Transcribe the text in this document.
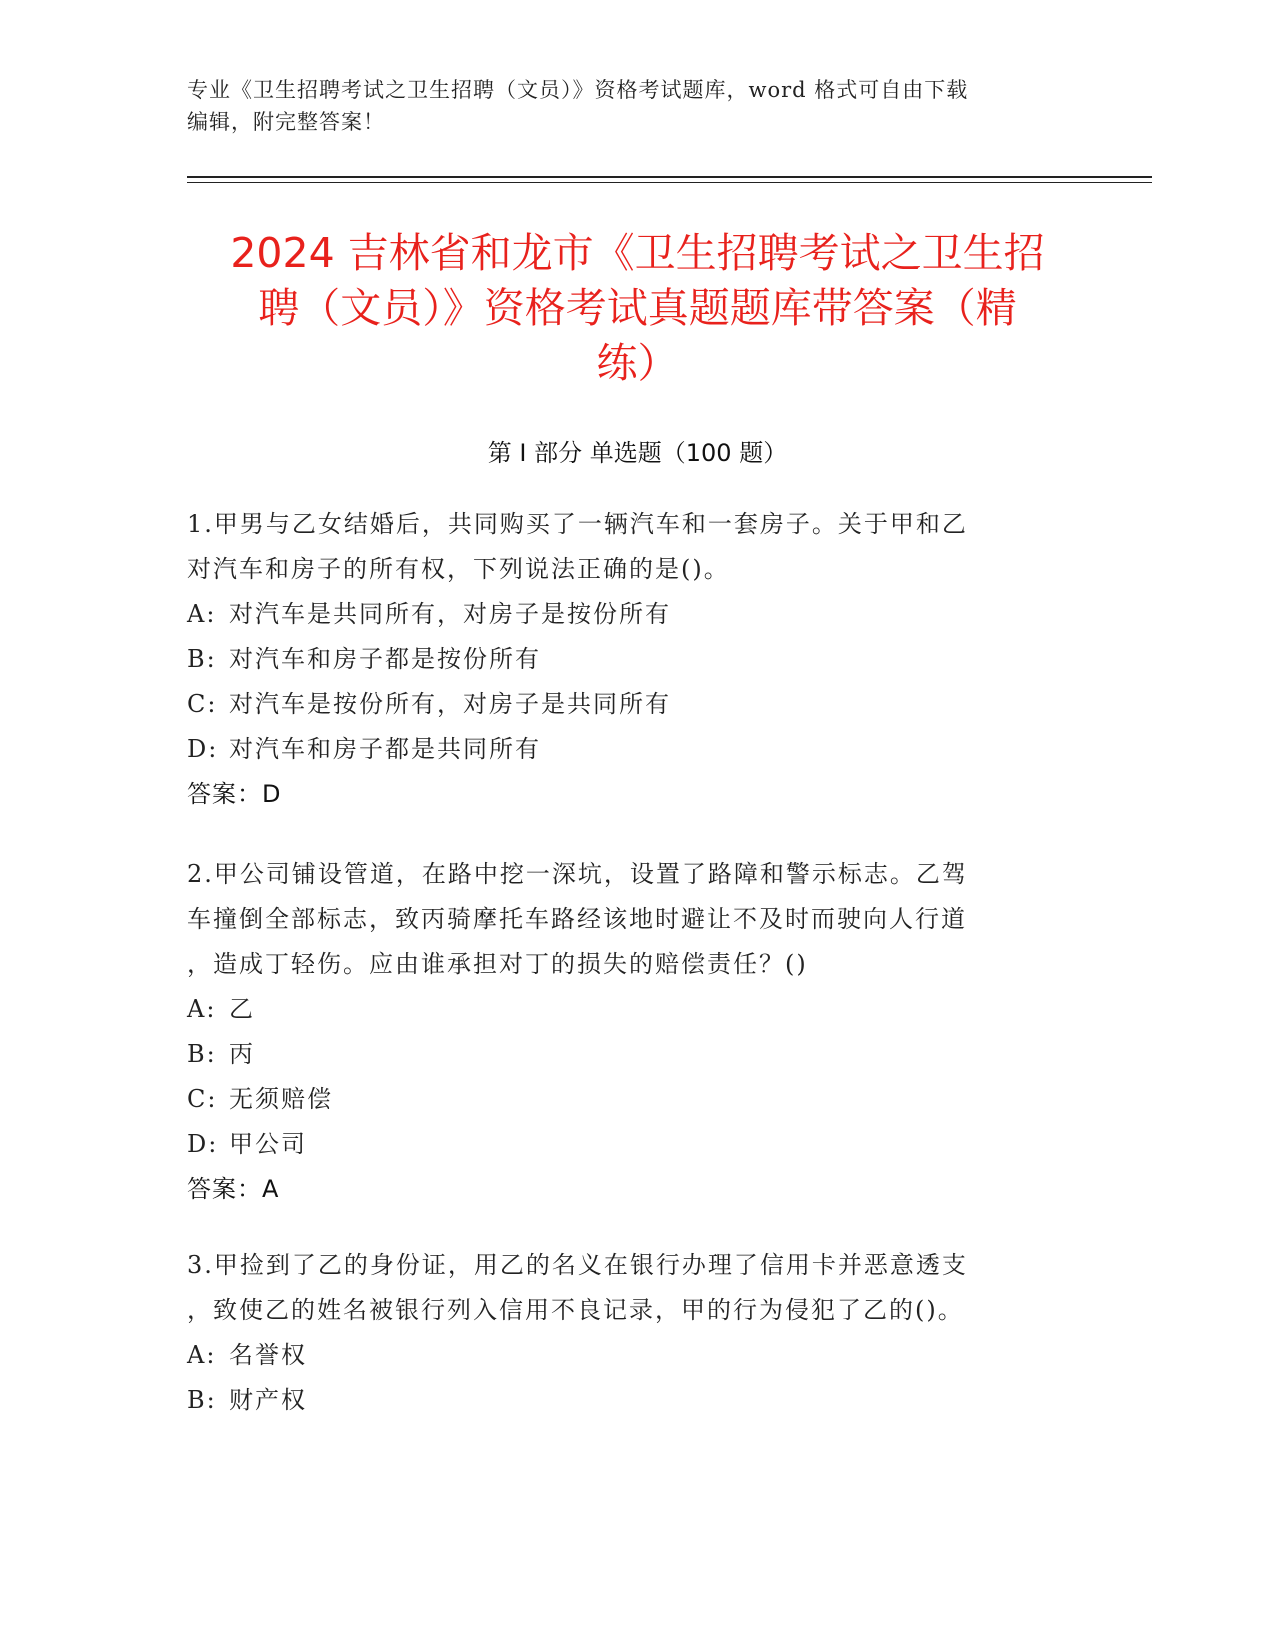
专业《卫生招聘考试之卫生招聘（文员）》资格考试题库，word 格式可自由下载
编辑，附完整答案！
2024 吉林省和龙市《卫生招聘考试之卫生招
聘（文员）》资格考试真题题库带答案（精
练）
第 I 部分 单选题（100 题）
1.甲男与乙女结婚后，共同购买了一辆汽车和一套房子。关于甲和乙
对汽车和房子的所有权，下列说法正确的是()。
A: 对汽车是共同所有，对房子是按份所有
B: 对汽车和房子都是按份所有
C: 对汽车是按份所有，对房子是共同所有
D: 对汽车和房子都是共同所有
答案：D
2.甲公司铺设管道，在路中挖一深坑，设置了路障和警示标志。乙驾
车撞倒全部标志，致丙骑摩托车路经该地时避让不及时而驶向人行道
，造成丁轻伤。应由谁承担对丁的损失的赔偿责任？()
A: 乙
B: 丙
C: 无须赔偿
D: 甲公司
答案：A
3.甲捡到了乙的身份证，用乙的名义在银行办理了信用卡并恶意透支
，致使乙的姓名被银行列入信用不良记录，甲的行为侵犯了乙的()。
A: 名誉权
B: 财产权
